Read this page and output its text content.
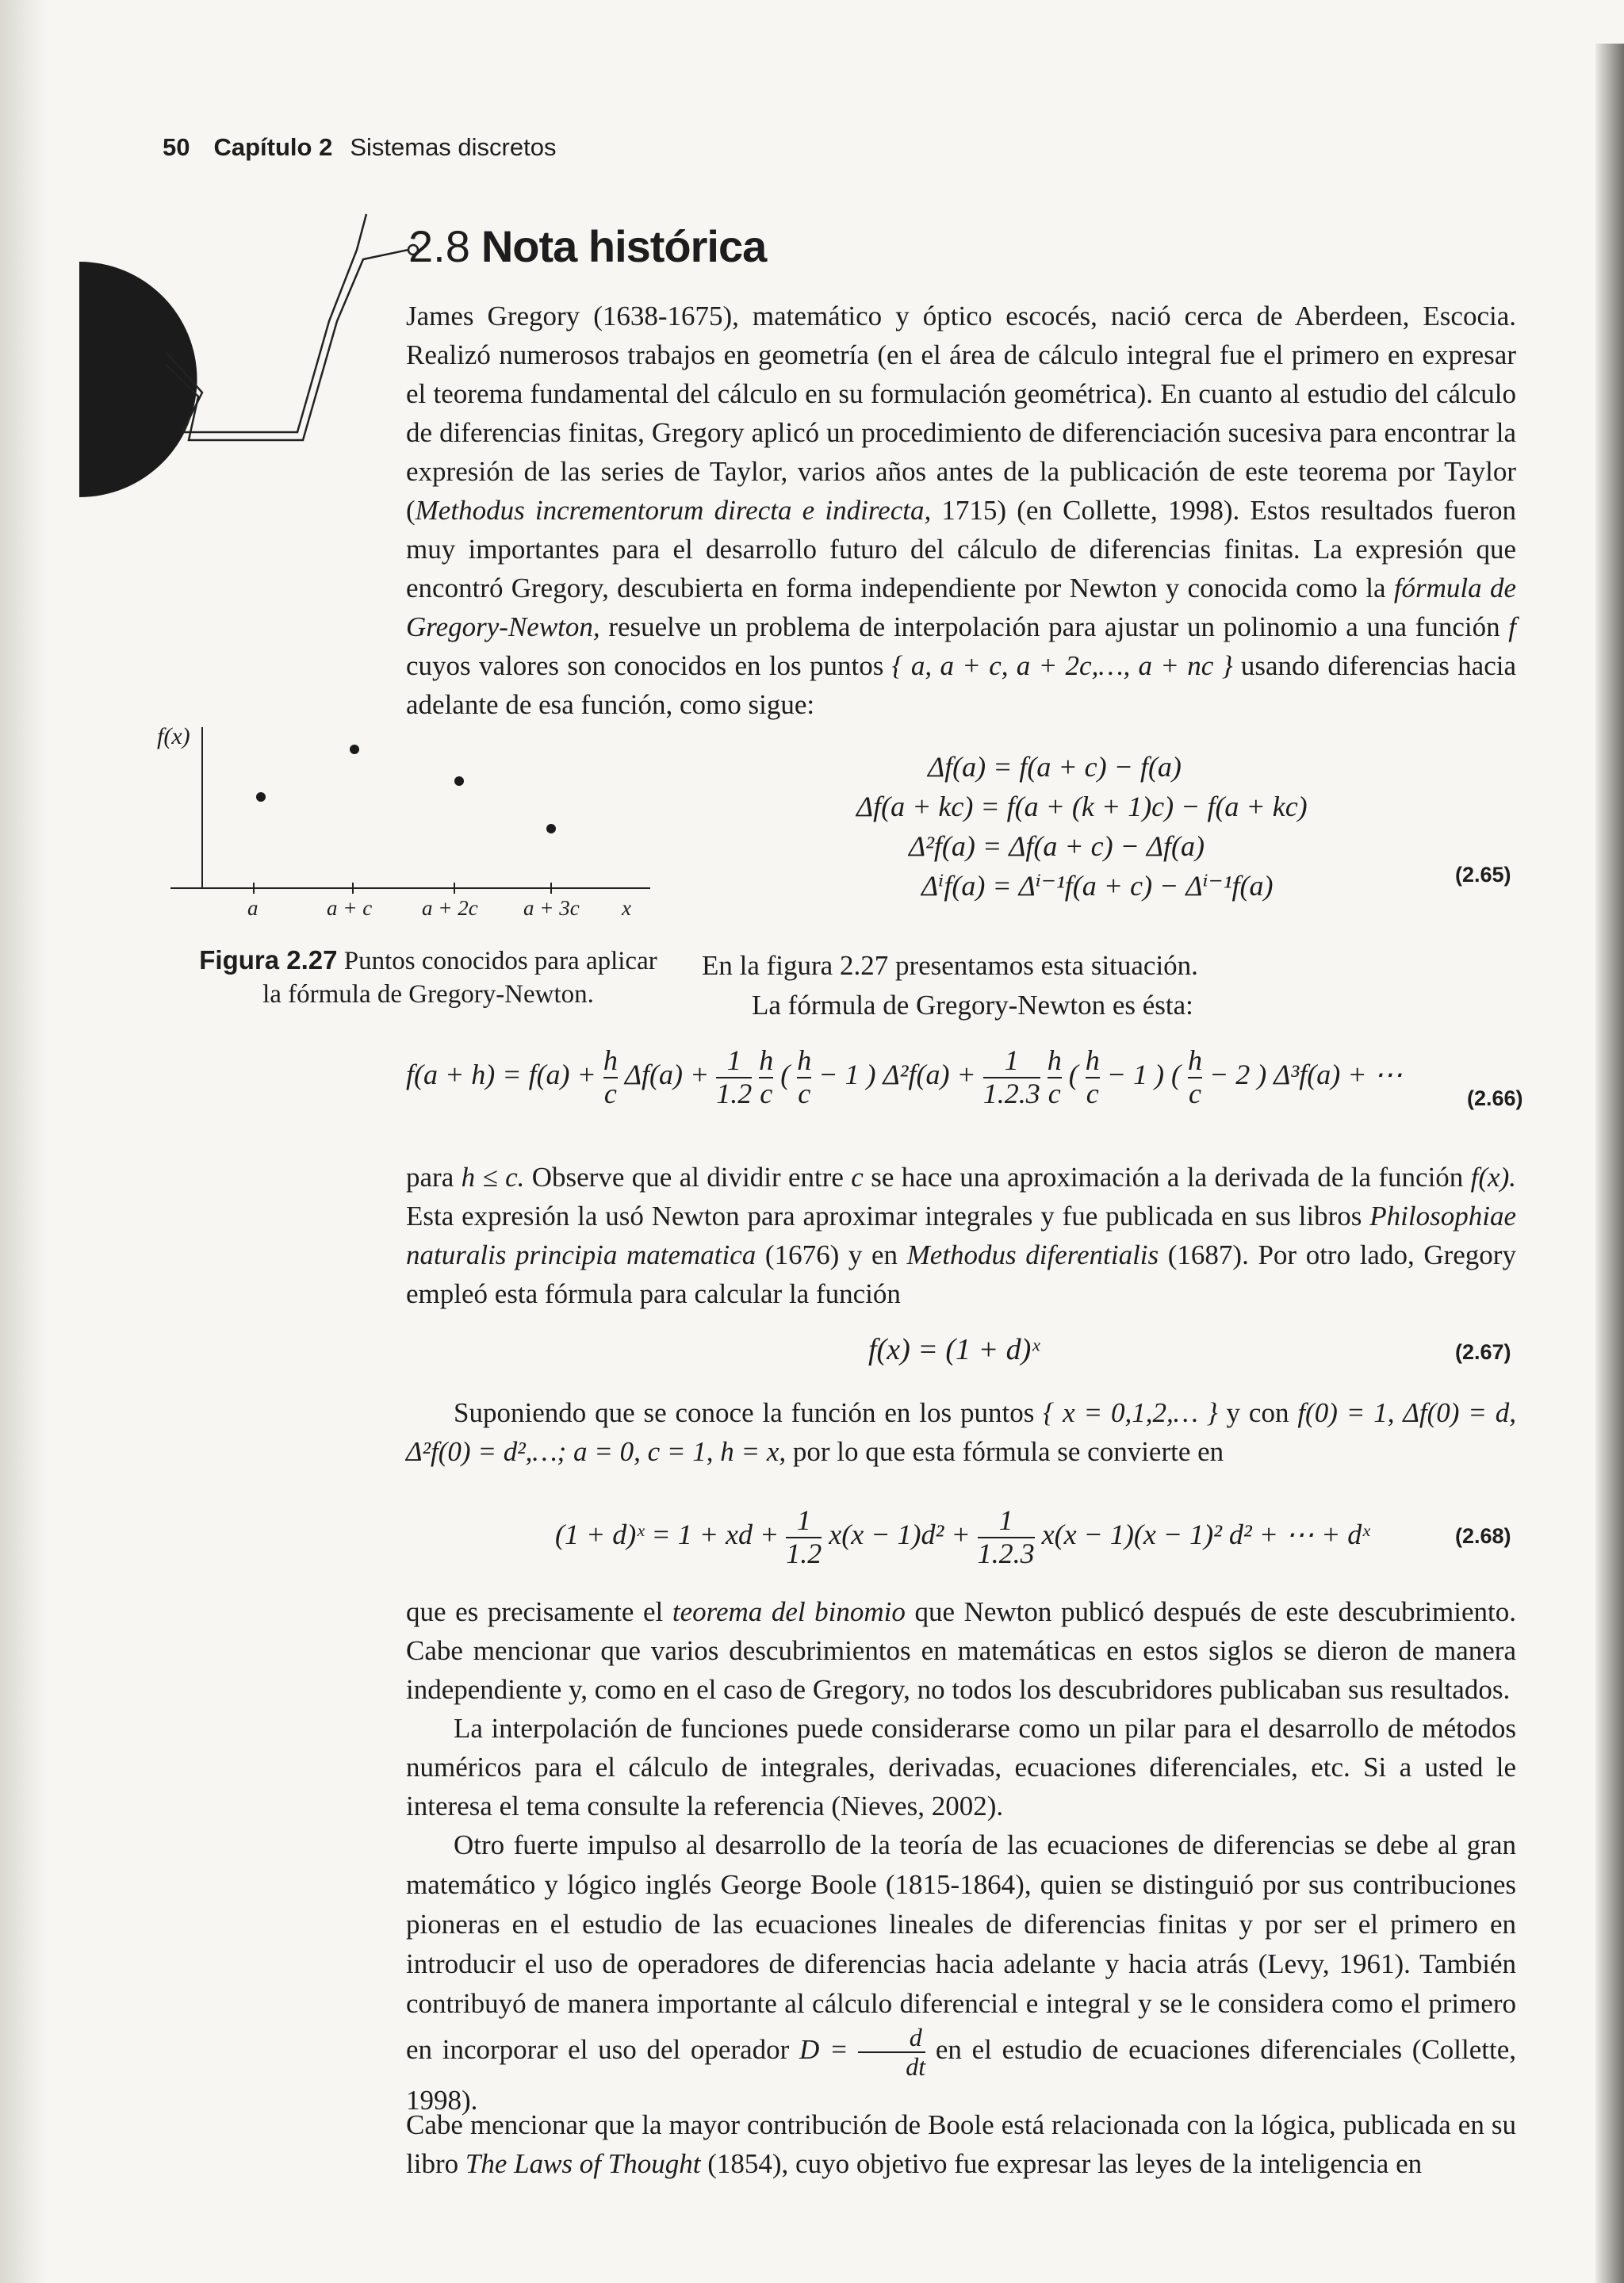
50 Capítulo 2 Sistemas discretos
2.8 Nota histórica

James Gregory (1638-1675), matemático y óptico escocés, nació cerca de Aberdeen, Escocia. Realizó numerosos trabajos en geometría (en el área de cálculo integral fue el primero en expresar el teorema fundamental del cálculo en su formulación geométrica). En cuanto al estudio del cálculo de diferencias finitas, Gregory aplicó un procedimiento de diferenciación sucesiva para encontrar la expresión de las series de Taylor, varios años antes de la publicación de este teorema por Taylor (Methodus incrementorum directa e indirecta, 1715) (en Collette, 1998). Estos resultados fueron muy importantes para el desarrollo futuro del cálculo de diferencias finitas. La expresión que encontró Gregory, descubierta en forma independiente por Newton y conocida como la fórmula de Gregory-Newton, resuelve un problema de interpolación para ajustar un polinomio a una función f cuyos valores son conocidos en los puntos { a, a + c, a + 2c,…, a + nc } usando diferencias hacia adelante de esa función, como sigue:

f(x)
a	a + c a + 2c a + 3c x
Figura 2.27 Puntos conocidos para aplicar la fórmula de Gregory-Newton.
Δf(a) = f(a + c) − f(a)
Δf(a + kc) = f(a + (k + 1)c) − f(a + kc)
Δ²f(a) = Δf(a + c) − Δf(a)
Δⁱf(a) = Δⁱ⁻¹f(a + c) − Δⁱ⁻¹f(a)	(2.65)
En la figura 2.27 presentamos esta situación.
La fórmula de Gregory-Newton es ésta:
$f(a + h) = f(a) + \frac{h}{c} \Delta f(a) + \frac{1}{1.2}$
$\frac{h}{c}$ ( $\frac{h}{c} - 1$ ) $\Delta^2f(a) + \frac{1}{1.2.3}$
$\frac{h}{c}$ ( $\frac{h}{c} - 1$ ) ( $\frac{h}{c} - 2$ ) Δ³f(a) + ⋯
(2.66)

para h ≤ c. Observe que al dividir entre c se hace una aproximación a la derivada de la función f(x). Esta expresión la usó Newton para aproximar integrales y fue publicada en sus libros Philosophiae naturalis principia matematica (1676) y en Methodus diferentialis (1687). Por otro lado, Gregory empleó esta fórmula para calcular la función

f(x) = (1 + d)ˣ	(2.67)

Suponiendo que se conoce la función en los puntos { x = 0,1,2,… } y con f(0) = 1, Δf(0) = d, Δ²f(0) = d²,…; a = 0, c = 1, h = x, por lo que esta fórmula se convierte en

(1 + d)ˣ = 1 + xd + $\frac{1}{1.2} x(x - 1)d^2 + \frac{1}{1.2.3} x(x - 1)(x - 1)^2$ d² + ⋯ + dˣ	(2.68)

que es precisamente el teorema del binomio que Newton publicó después de este descubrimiento. Cabe mencionar que varios descubrimientos en matemáticas en estos siglos se dieron de manera independiente y, como en el caso de Gregory, no todos los descubridores publicaban sus resultados.

La interpolación de funciones puede considerarse como un pilar para el desarrollo de métodos numéricos para el cálculo de integrales, derivadas, ecuaciones diferenciales, etc. Si a usted le interesa el tema consulte la referencia (Nieves, 2002).

Otro fuerte impulso al desarrollo de la teoría de las ecuaciones de diferencias se debe al gran matemático y lógico inglés George Boole (1815-1864), quien se distinguió por sus contribuciones pioneras en el estudio de las ecuaciones lineales de diferencias finitas y por ser el primero en introducir el uso de operadores de diferencias hacia adelante y hacia atrás (Levy, 1961). También contribuyó de manera importante al cálculo diferencial e integral y se le considera como el primero en incorporar el uso del operador $D = \frac{d}{dt}$ en el estudio de ecuaciones diferenciales (Collette, 1998).

Cabe mencionar que la mayor contribución de Boole está relacionada con la lógica, publicada en su libro The Laws of Thought (1854), cuyo objetivo fue expresar las leyes de la inteligencia en
